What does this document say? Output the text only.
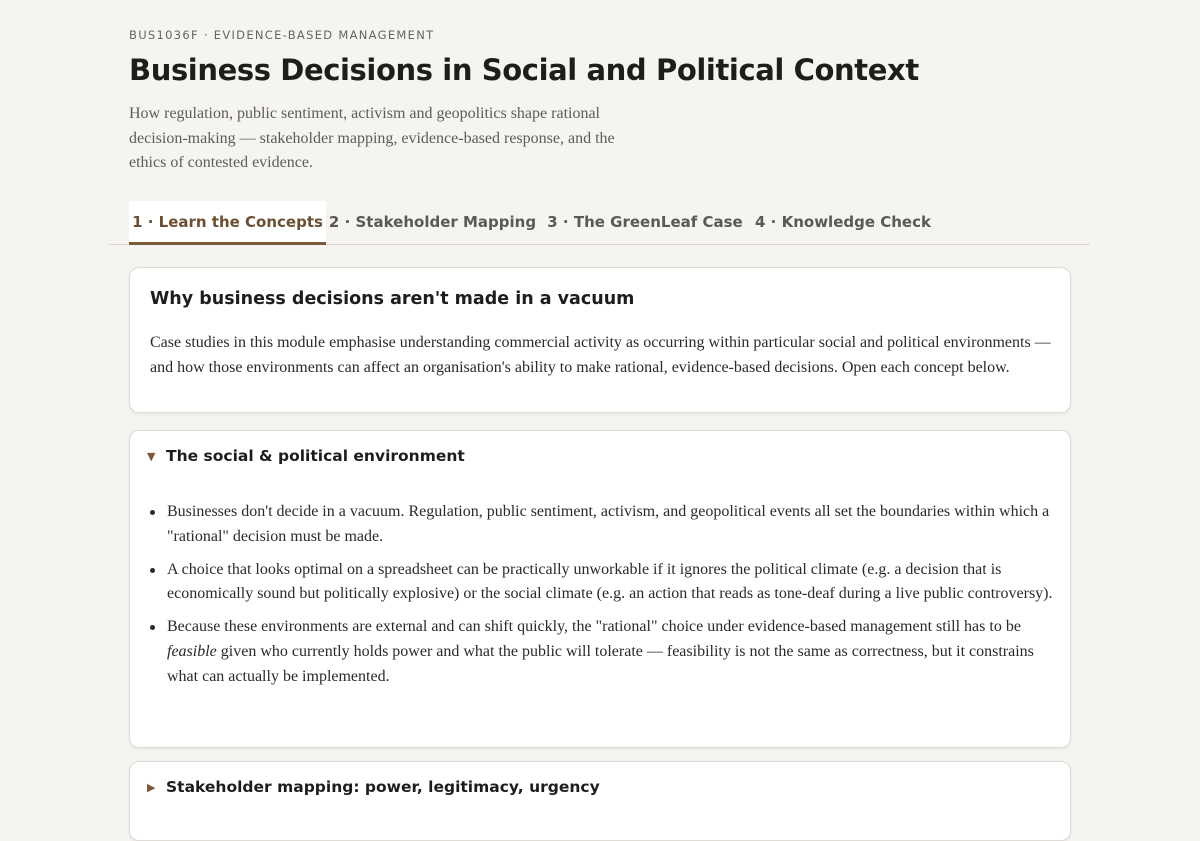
BUS1036F · EVIDENCE-BASED MANAGEMENT
Business Decisions in Social and Political Context

How regulation, public sentiment, activism and geopolitics shape rational decision-making — stakeholder mapping, evidence-based response, and the ethics of contested evidence.

1 · Learn the Concepts 2 · Stakeholder Mapping 3 · The GreenLeaf Case 4 · Knowledge Check
Why business decisions aren't made in a vacuum

Case studies in this module emphasise understanding commercial activity as occurring within particular social and political environments — and how those environments can affect an organisation's ability to make rational, evidence-based decisions. Open each concept below.

▼ The social & political environment
Businesses don't decide in a vacuum. Regulation, public sentiment, activism, and geopolitical events all set the boundaries within which a "rational" decision must be made.
A choice that looks optimal on a spreadsheet can be practically unworkable if it ignores the political climate (e.g. a decision that is economically sound but politically explosive) or the social climate (e.g. an action that reads as tone-deaf during a live public controversy).
Because these environments are external and can shift quickly, the "rational" choice under evidence-based management still has to be feasible given who currently holds power and what the public will tolerate — feasibility is not the same as correctness, but it constrains what can actually be implemented.
▶ Stakeholder mapping: power, legitimacy, urgency
